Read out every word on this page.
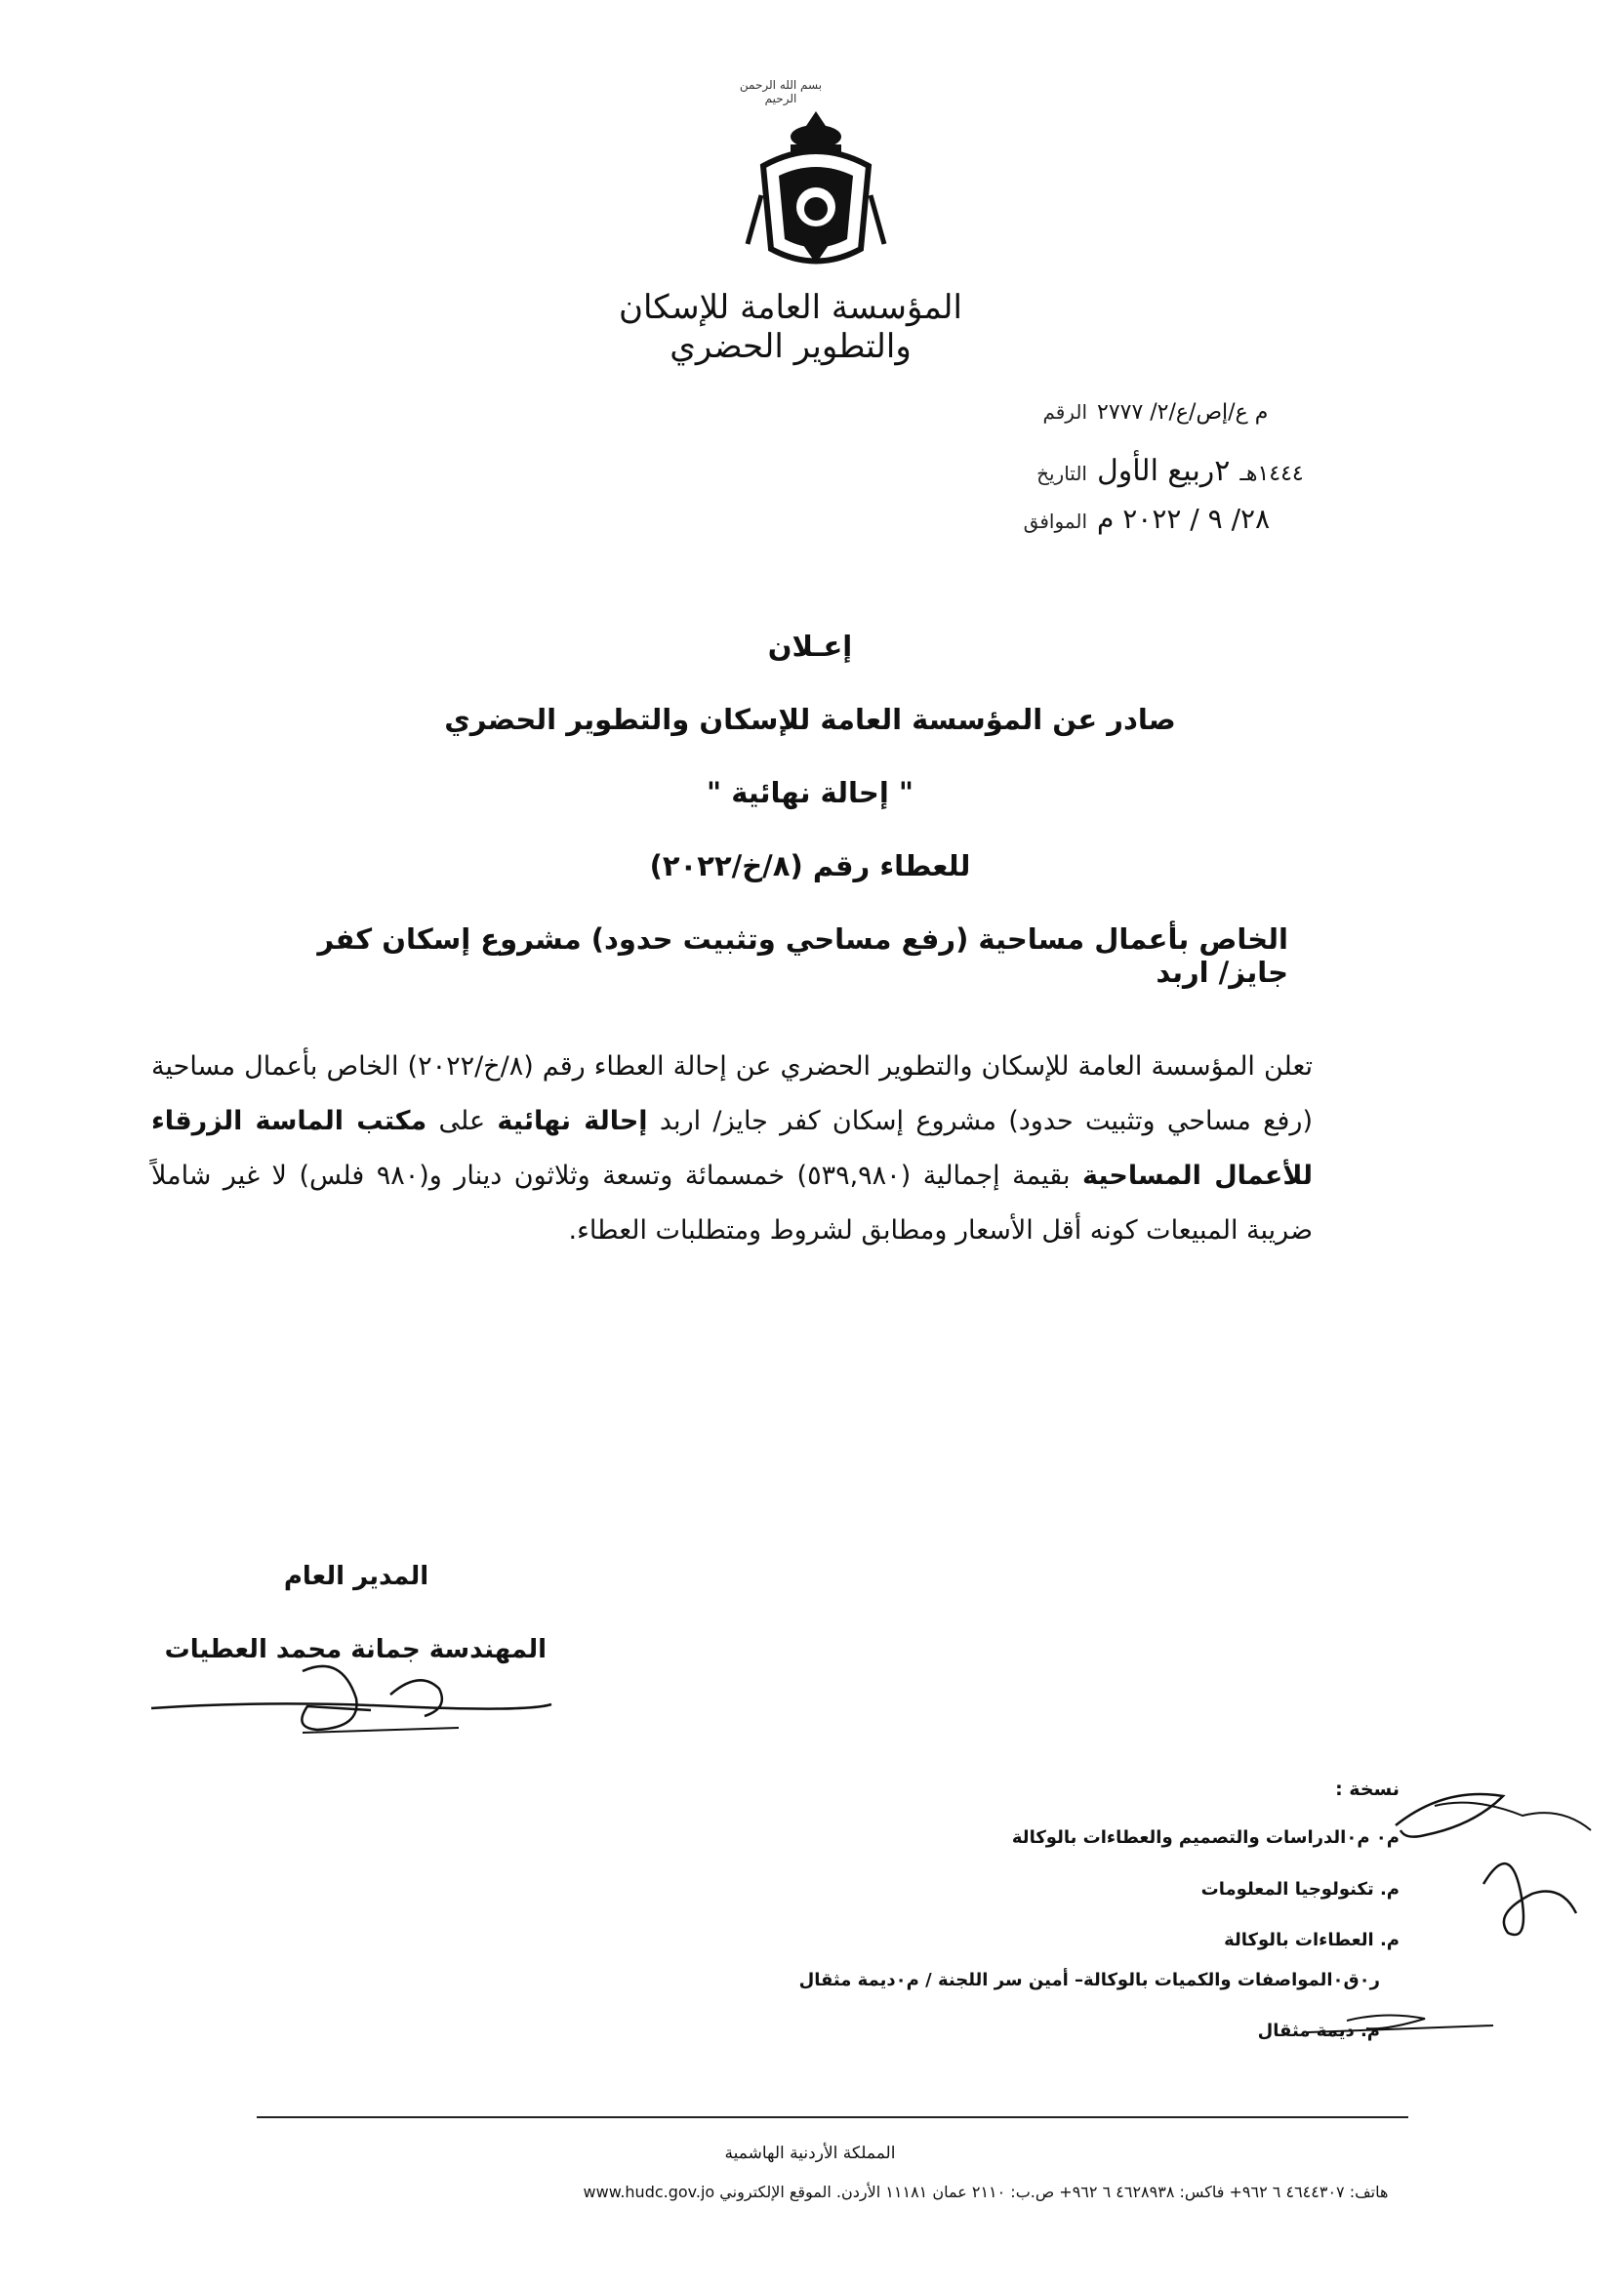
بسم الله الرحمن الرحيم
المؤسسة العامة للإسكان والتطوير الحضري
الرقم م ع/إص/ع/٢/ ٢٧٧٧
التاريخ ٢ربيع الأول ١٤٤٤هـ
الموافق ٢٨/ ٩ / ٢٠٢٢ م
إعـلان
صادر عن المؤسسة العامة للإسكان والتطوير الحضري
" إحالة نهائية "
للعطاء رقم (٨/خ/٢٠٢٢)
الخاص بأعمال مساحية (رفع مساحي وتثبيت حدود) مشروع إسكان كفر جايز/ اربد
تعلن المؤسسة العامة للإسكان والتطوير الحضري عن إحالة العطاء رقم (٨/خ/٢٠٢٢) الخاص بأعمال مساحية (رفع مساحي وتثبيت حدود) مشروع إسكان كفر جايز/ اربد إحالة نهائية على مكتب الماسة الزرقاء للأعمال المساحية بقيمة إجمالية (٥٣٩,٩٨٠) خمسمائة وتسعة وثلاثون دينار و(٩٨٠ فلس) لا غير شاملاً ضريبة المبيعات كونه أقل الأسعار ومطابق لشروط ومتطلبات العطاء.
المدير العام
المهندسة جمانة محمد العطيات
نسخة :
م٠ م٠الدراسات والتصميم والعطاءات بالوكالة
م. تكنولوجيا المعلومات
م. العطاءات بالوكالة
ر٠ق٠المواصفات والكميات بالوكالة– أمين سر اللجنة / م٠ديمة مثقال
م. ديمة مثقال
المملكة الأردنية الهاشمية
هاتف: ٤٦٤٤٣٠٧ ٦ ٩٦٢+ فاكس: ٤٦٢٨٩٣٨ ٦ ٩٦٢+ ص.ب: ٢١١٠ عمان ١١١٨١ الأردن. الموقع الإلكتروني www.hudc.gov.jo
